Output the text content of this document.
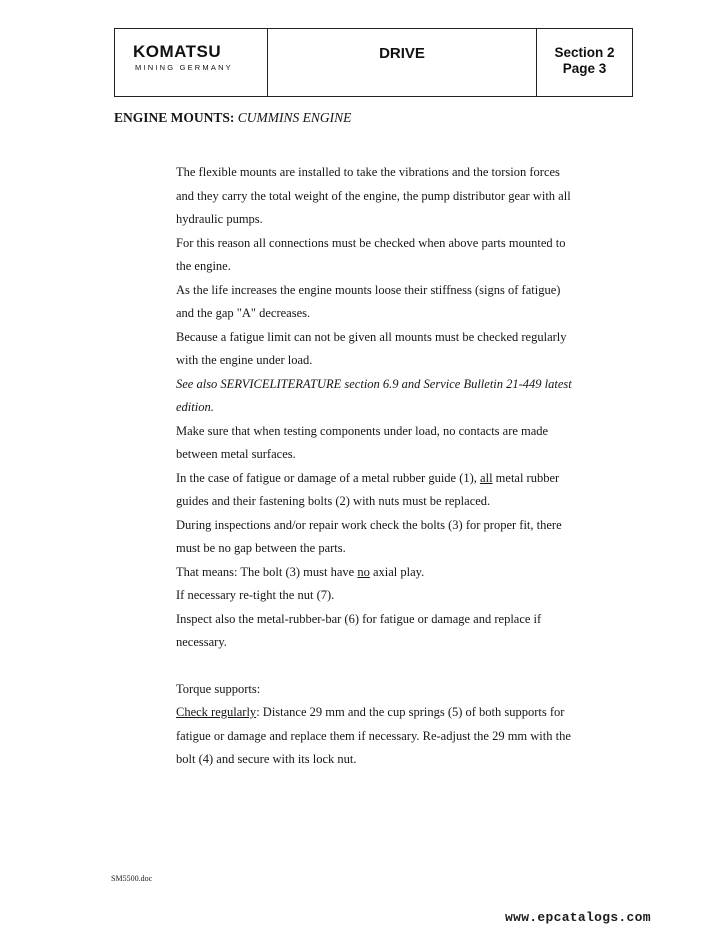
KOMATSU
MINING GERMANY
DRIVE	Section 2
Page 3
ENGINE MOUNTS: CUMMINS ENGINE
The flexible mounts are installed to take the vibrations and the torsion forces
and they carry the total weight of the engine, the pump distributor gear with all
hydraulic pumps.
For this reason all connections must be checked when above parts mounted to
the engine.
As the life increases the engine mounts loose their stiffness (signs of fatigue)
and the gap "A" decreases.
Because a fatigue limit can not be given all mounts must be checked regularly
with the engine under load.
See also SERVICELITERATURE section 6.9 and Service Bulletin 21-449 latest
edition.
Make sure that when testing components under load, no contacts are made
between metal surfaces.
In the case of fatigue or damage of a metal rubber guide (1), all metal rubber
guides and their fastening bolts (2) with nuts must be replaced.
During inspections and/or repair work check the bolts (3) for proper fit, there
must be no gap between the parts.
That means: The bolt (3) must have no axial play.
If necessary re-tight the nut (7).
Inspect also the metal-rubber-bar (6) for fatigue or damage and replace if
necessary.
Torque supports:
Check regularly: Distance 29 mm and the cup springs (5) of both supports for
fatigue or damage and replace them if necessary. Re-adjust the 29 mm with the
bolt (4) and secure with its lock nut.
SM5500.doc
www.epcatalogs.com
